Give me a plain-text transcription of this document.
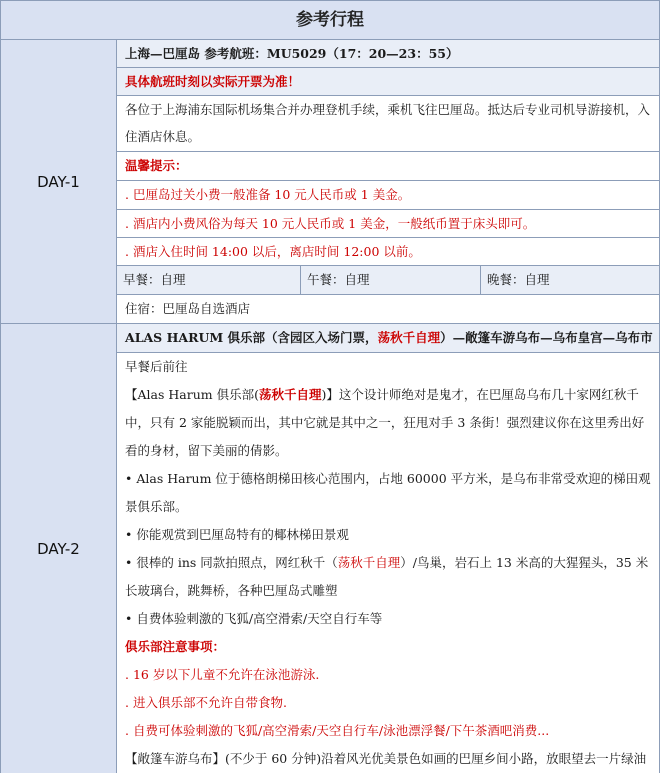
参考行程
DAY-1
上海—巴厘岛 参考航班：MU5029（17：20—23：55）
具体航班时刻以实际开票为准！
各位于上海浦东国际机场集合并办理登机手续，乘机飞往巴厘岛。抵达后专业司机导游接机，入住酒店休息。
温馨提示：
. 巴厘岛过关小费一般准备 10 元人民币或 1 美金。
. 酒店内小费风俗为每天 10 元人民币或 1 美金，一般纸币置于床头即可。
. 酒店入住时间 14:00 以后，离店时间 12:00 以前。
早餐：自理	午餐：自理	晚餐：自理
住宿：巴厘岛自选酒店
DAY-2
ALAS HARUM 俱乐部（含园区入场门票，荡秋千自理）—敞篷车游乌布—乌布皇宫—乌布市

早餐后前往

【Alas Harum 俱乐部(荡秋千自理)】这个设计师绝对是鬼才，在巴厘岛乌布几十家网红秋千中，只有 2 家能脱颖而出，其中它就是其中之一，狂甩对手 3 条街！强烈建议你在这里秀出好看的身材，留下美丽的倩影。

• Alas Harum 位于德格朗梯田核心范围内，占地 60000 平方米，是乌布非常受欢迎的梯田观景俱乐部。

• 你能观赏到巴厘岛特有的椰林梯田景观

• 很棒的 ins 同款拍照点，网红秋千（荡秋千自理）/鸟巢，岩石上 13 米高的大猩猩头，35 米长玻璃台，跳舞桥，各种巴厘岛式雕塑

• 自费体验刺激的飞狐/高空滑索/天空自行车等

俱乐部注意事项：

. 16 岁以下儿童不允许在泳池游泳.

. 进入俱乐部不允许自带食物.

. 自费可体验刺激的飞狐/高空滑索/天空自行车/泳池漂浮餐/下午茶酒吧消费...

【敞篷车游乌布】(不少于 60 分钟)沿着风光优美景色如画的巴厘乡间小路，放眼望去一片绿油
